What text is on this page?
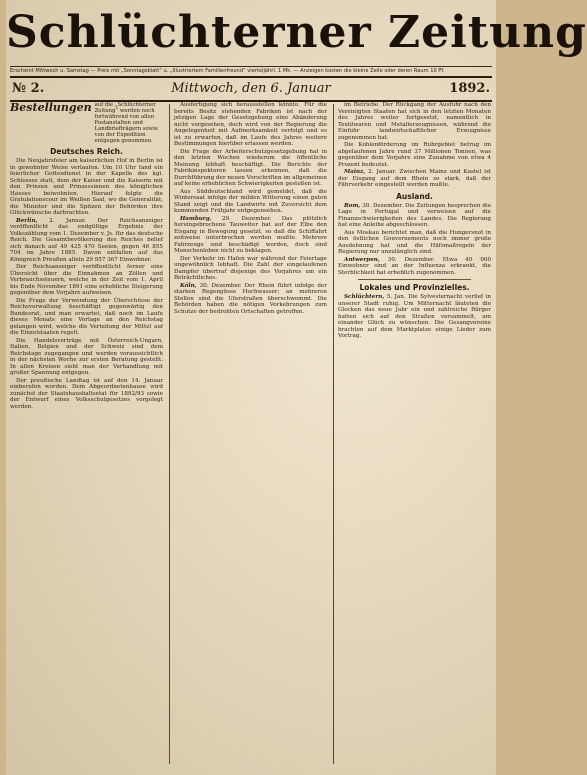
Schlüchterner Zeitung
Erscheint Mittwoch u. Samstag — Preis mit „Sonntagsblatt“ u. „Illustriertem Familienfreund“ vierteljährl. 1 Mk. — Anzeigen kosten die kleine Zeile oder deren Raum 10 Pf.
№ 2.	Mittwoch, den 6. Januar	1892.
Bestellungen auf die „Schlüchterner Zeitung“ werden noch fortwährend von allen Postanstalten und Landbriefträgern sowie von der Expedition entgegen genommen.
Deutsches Reich.

Die Neujahrsfeier am kaiserlichen Hof in Berlin ist in gewohnter Weise verlaufen. Um 10 Uhr fand ein feierlicher Gottesdienst in der Kapelle des kgl. Schlosses statt, dem der Kaiser und die Kaiserin mit den Prinzen und Prinzessinnen des königlichen Hauses beiwohnten. Hierauf folgte die Gratulationscour im Weißen Saal, wo die Generalität, die Minister und die Spitzen der Behörden ihre Glückwünsche darbrachten.

Berlin, 2. Januar. Der Reichsanzeiger veröffentlicht das endgültige Ergebnis der Volkszählung vom 1. Dezember v. Js. für das deutsche Reich. Die Gesamtbevölkerung des Reiches belief sich danach auf 49 425 470 Seelen, gegen 46 855 704 im Jahre 1885. Davon entfallen auf das Königreich Preußen allein 29 957 367 Einwohner.

Der Reichsanzeiger veröffentlicht ferner eine Übersicht über die Einnahmen an Zöllen und Verbrauchssteuern, welche in der Zeit vom 1. April bis Ende November 1891 eine erhebliche Steigerung gegenüber dem Vorjahre aufweisen.

Die Frage der Verwendung der Überschüsse der Reichsverwaltung beschäftigt gegenwärtig den Bundesrat, und man erwartet, daß noch im Laufe dieses Monats eine Vorlage an den Reichstag gelangen wird, welche die Verteilung der Mittel auf die Einzelstaaten regelt.

Die Handelsverträge mit Österreich-Ungarn, Italien, Belgien und der Schweiz sind dem Reichstage zugegangen und werden voraussichtlich in der nächsten Woche zur ersten Beratung gestellt. In allen Kreisen sieht man der Verhandlung mit großer Spannung entgegen.

Der preußische Landtag ist auf den 14. Januar einberufen worden. Dem Abgeordnetenhause wird zunächst der Staatshaushaltsetat für 1892/93 sowie der Entwurf eines Volksschulgesetzes vorgelegt werden.

Ausfertigung sich herausstellen könnte. Für die bereits Besitz stehenden Fabriken ist nach der jetzigen Lage der Gesetzgebung eine Abänderung nicht vorgesehen, doch wird von der Regierung die Angelegenheit mit Aufmerksamkeit verfolgt und es ist zu erwarten, daß im Laufe des Jahres weitere Bestimmungen hierüber erlassen werden.

Die Frage der Arbeiterschutzgesetzgebung hat in den letzten Wochen wiederum die öffentliche Meinung lebhaft beschäftigt. Die Berichte der Fabrikinspektoren lassen erkennen, daß die Durchführung der neuen Vorschriften im allgemeinen auf keine erheblichen Schwierigkeiten gestoßen ist.

Aus Süddeutschland wird gemeldet, daß die Wintersaat infolge der milden Witterung einen guten Stand zeigt und die Landwirte mit Zuversicht dem kommenden Frühjahr entgegensehen.

Hamburg, 29. Dezember. Das plötzlich hereingebrochene Tauwetter hat auf der Elbe den Eisgang in Bewegung gesetzt, so daß die Schiffahrt zeitweise unterbrochen werden mußte. Mehrere Fahrzeuge sind beschädigt worden, doch sind Menschenleben nicht zu beklagen.

Der Verkehr im Hafen war während der Feiertage ungewöhnlich lebhaft. Die Zahl der eingelaufenen Dampfer übertraf diejenige des Vorjahres um ein Beträchtliches.

Köln, 30. Dezember. Der Rhein führt infolge der starken Regengüsse Hochwasser; an mehreren Stellen sind die Uferstraßen überschwemmt. Die Behörden haben die nötigen Vorkehrungen zum Schutze der bedrohten Ortschaften getroffen.

im Betriebe. Der Rückgang der Ausfuhr nach den Vereinigten Staaten hat sich in den letzten Monaten des Jahres weiter fortgesetzt, namentlich in Textilwaren und Metallerzeugnissen, während die Einfuhr landwirtschaftlicher Erzeugnisse zugenommen hat.

Die Kohlenförderung im Ruhrgebiet betrug im abgelaufenen Jahre rund 37 Millionen Tonnen, was gegenüber dem Vorjahre eine Zunahme von etwa 4 Prozent bedeutet.

Mainz, 2. Januar. Zwischen Mainz und Kastel ist der Eisgang auf dem Rhein so stark, daß der Fährverkehr eingestellt werden mußte.

Ausland.

Rom, 30. Dezember. Die Zeitungen besprechen die Lage in Portugal und verweisen auf die Finanzschwierigkeiten des Landes. Die Regierung hat eine Anleihe abgeschlossen.

Aus Moskau berichtet man, daß die Hungersnot in den östlichen Gouvernements noch immer große Ausdehnung hat und die Hilfsmaßregeln der Regierung nur unzulänglich sind.

Antwerpen, 30. Dezember. Etwa 40 000 Einwohner sind an der Influenza erkrankt, die Sterblichkeit hat erheblich zugenommen.

Lokales und Provinzielles.

Schlüchtern, 5. Jan. Die Sylvesternacht verlief in unserer Stadt ruhig. Um Mitternacht läuteten die Glocken das neue Jahr ein und zahlreiche Bürger hatten sich auf den Straßen versammelt, um einander Glück zu wünschen. Die Gesangvereine brachten auf dem Marktplatze einige Lieder zum Vortrag.
